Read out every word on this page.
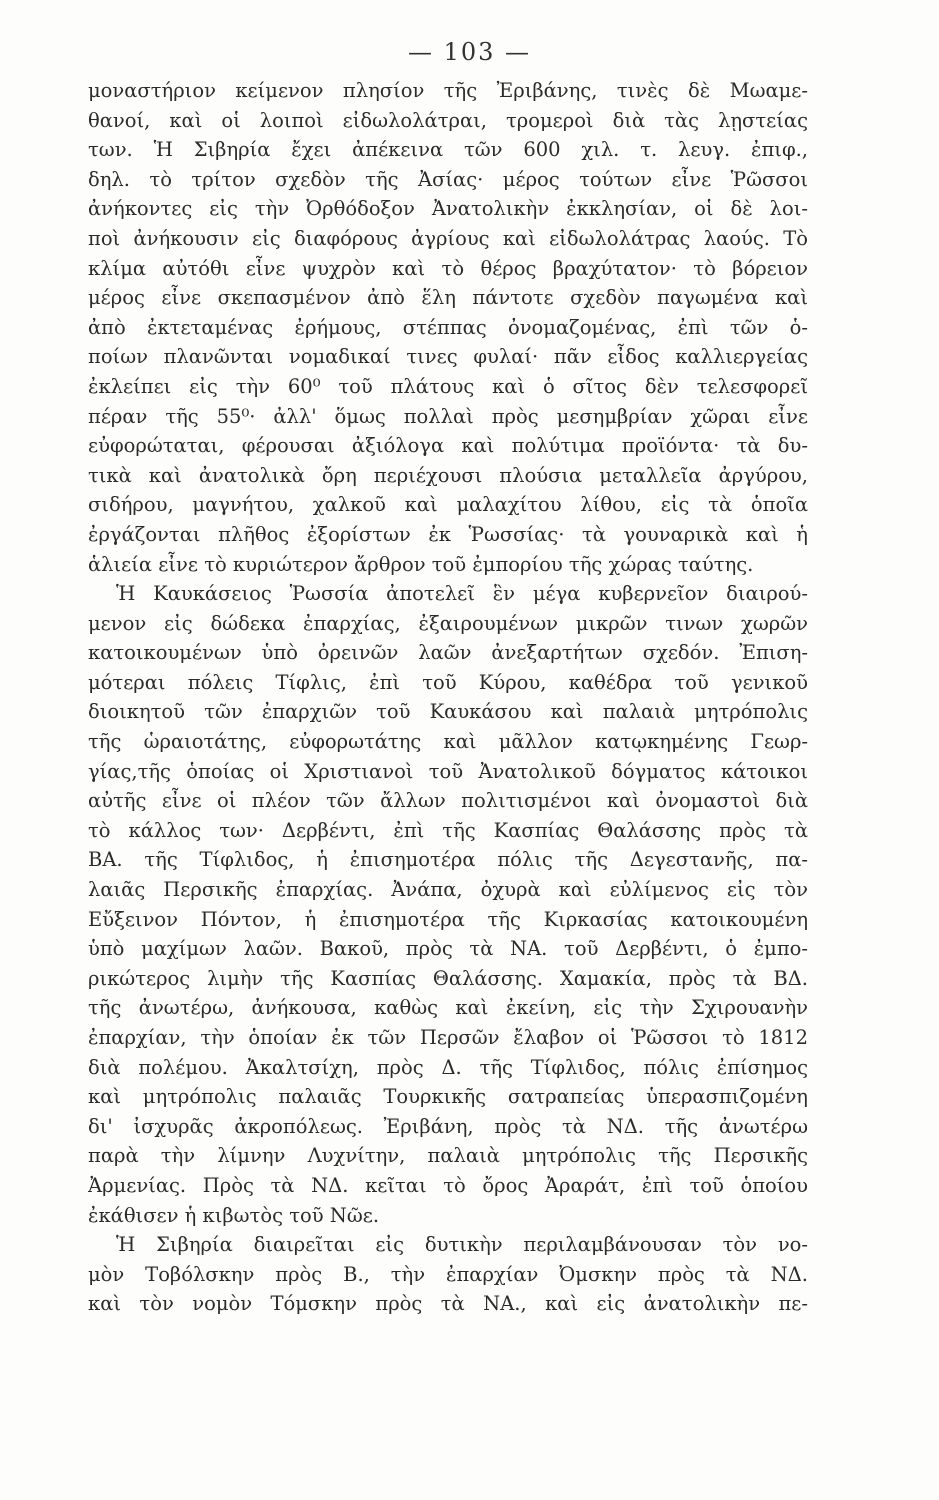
— 103 —
μοναστήριον κείμενον πλησίον τῆς Ἐριβάνης, τινὲς δὲ Μωαμε-
θανοί, καὶ οἱ λοιποὶ εἰδωλολάτραι, τρομεροὶ διὰ τὰς λῃστείας
των. Ἡ Σιβηρία ἔχει ἀπέκεινα τῶν 600 χιλ. τ. λευγ. ἐπιφ.,
δηλ. τὸ τρίτον σχεδὸν τῆς Ἀσίας· μέρος τούτων εἶνε Ῥῶσσοι
ἀνήκοντες εἰς τὴν Ὀρθόδοξον Ἀνατολικὴν ἐκκλησίαν, οἱ δὲ λοι-
ποὶ ἀνήκουσιν εἰς διαφόρους ἀγρίους καὶ εἰδωλολάτρας λαούς. Τὸ
κλίμα αὐτόθι εἶνε ψυχρὸν καὶ τὸ θέρος βραχύτατον· τὸ βόρειον
μέρος εἶνε σκεπασμένον ἀπὸ ἕλη πάντοτε σχεδὸν παγωμένα καὶ
ἀπὸ ἐκτεταμένας ἐρήμους, στέππας ὀνομαζομένας, ἐπὶ τῶν ὁ-
ποίων πλανῶνται νομαδικαί τινες φυλαί· πᾶν εἶδος καλλιεργείας
ἐκλείπει εἰς τὴν 60⁰ τοῦ πλάτους καὶ ὁ σῖτος δὲν τελεσφορεῖ
πέραν τῆς 55⁰· ἀλλ' ὅμως πολλαὶ πρὸς μεσημβρίαν χῶραι εἶνε
εὐφορώταται, φέρουσαι ἀξιόλογα καὶ πολύτιμα προϊόντα· τὰ δυ-
τικὰ καὶ ἀνατολικὰ ὄρη περιέχουσι πλούσια μεταλλεῖα ἀργύρου,
σιδήρου, μαγνήτου, χαλκοῦ καὶ μαλαχίτου λίθου, εἰς τὰ ὁποῖα
ἐργάζονται πλῆθος ἐξορίστων ἐκ Ῥωσσίας· τὰ γουναρικὰ καὶ ἡ
ἁλιεία εἶνε τὸ κυριώτερον ἄρθρον τοῦ ἐμπορίου τῆς χώρας ταύτης.
Ἡ Καυκάσειος Ῥωσσία ἀποτελεῖ ἓν μέγα κυβερνεῖον διαιρού-
μενον εἰς δώδεκα ἐπαρχίας, ἐξαιρουμένων μικρῶν τινων χωρῶν
κατοικουμένων ὑπὸ ὀρεινῶν λαῶν ἀνεξαρτήτων σχεδόν. Ἐπιση-
μότεραι πόλεις Τίφλις, ἐπὶ τοῦ Κύρου, καθέδρα τοῦ γενικοῦ
διοικητοῦ τῶν ἐπαρχιῶν τοῦ Καυκάσου καὶ παλαιὰ μητρόπολις
τῆς ὡραιοτάτης, εὐφορωτάτης καὶ μᾶλλον κατῳκημένης Γεωρ-
γίας,τῆς ὁποίας οἱ Χριστιανοὶ τοῦ Ἀνατολικοῦ δόγματος κάτοικοι
αὐτῆς εἶνε οἱ πλέον τῶν ἄλλων πολιτισμένοι καὶ ὀνομαστοὶ διὰ
τὸ κάλλος των· Δερβέντι, ἐπὶ τῆς Κασπίας Θαλάσσης πρὸς τὰ
ΒΑ. τῆς Τίφλιδος, ἡ ἐπισημοτέρα πόλις τῆς Δεγεστανῆς, πα-
λαιᾶς Περσικῆς ἐπαρχίας. Ἀνάπα, ὀχυρὰ καὶ εὐλίμενος εἰς τὸν
Εὔξεινον Πόντον, ἡ ἐπισημοτέρα τῆς Κιρκασίας κατοικουμένη
ὑπὸ μαχίμων λαῶν. Βακοῦ, πρὸς τὰ ΝΑ. τοῦ Δερβέντι, ὁ ἐμπο-
ρικώτερος λιμὴν τῆς Κασπίας Θαλάσσης. Χαμακία, πρὸς τὰ ΒΔ.
τῆς ἀνωτέρω, ἀνήκουσα, καθὼς καὶ ἐκείνη, εἰς τὴν Σχιρουανὴν
ἐπαρχίαν, τὴν ὁποίαν ἐκ τῶν Περσῶν ἔλαβον οἱ Ῥῶσσοι τὸ 1812
διὰ πολέμου. Ἀκαλτσίχη, πρὸς Δ. τῆς Τίφλιδος, πόλις ἐπίσημος
καὶ μητρόπολις παλαιᾶς Τουρκικῆς σατραπείας ὑπερασπιζομένη
δι' ἰσχυρᾶς ἀκροπόλεως. Ἐριβάνη, πρὸς τὰ ΝΔ. τῆς ἀνωτέρω
παρὰ τὴν λίμνην Λυχνίτην, παλαιὰ μητρόπολις τῆς Περσικῆς
Ἀρμενίας. Πρὸς τὰ ΝΔ. κεῖται τὸ ὄρος Ἀραράτ, ἐπὶ τοῦ ὁποίου
ἐκάθισεν ἡ κιβωτὸς τοῦ Νῶε.
Ἡ Σιβηρία διαιρεῖται εἰς δυτικὴν περιλαμβάνουσαν τὸν νο-
μὸν Τοβόλσκην πρὸς Β., τὴν ἐπαρχίαν Ὀμσκην πρὸς τὰ ΝΔ.
καὶ τὸν νομὸν Τόμσκην πρὸς τὰ ΝΑ., καὶ εἰς ἀνατολικὴν πε-
